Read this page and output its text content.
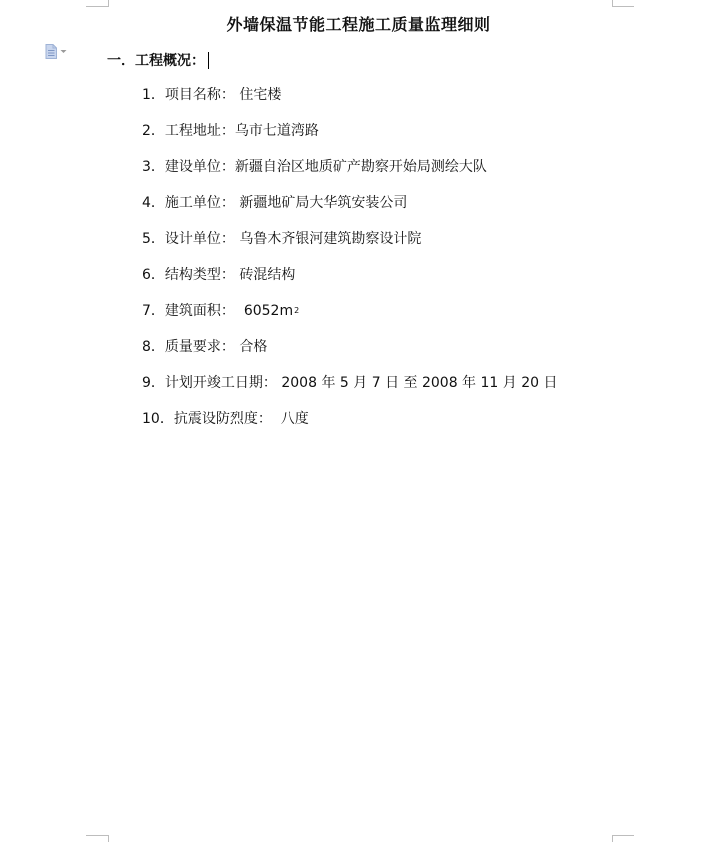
外墙保温节能工程施工质量监理细则
一．工程概况：
1． 项目名称： 住宅楼
2． 工程地址： 乌市七道湾路
3． 建设单位： 新疆自治区地质矿产勘察开始局测绘大队
4． 施工单位： 新疆地矿局大华筑安装公司
5． 设计单位： 乌鲁木齐银河建筑勘察设计院
6． 结构类型： 砖混结构
7． 建筑面积： 6052m 2
8． 质量要求： 合格
9． 计划开竣工日期： 2008 年 5 月 7 日 至 2008 年 11 月 20 日
10． 抗震设防烈度： 八度
